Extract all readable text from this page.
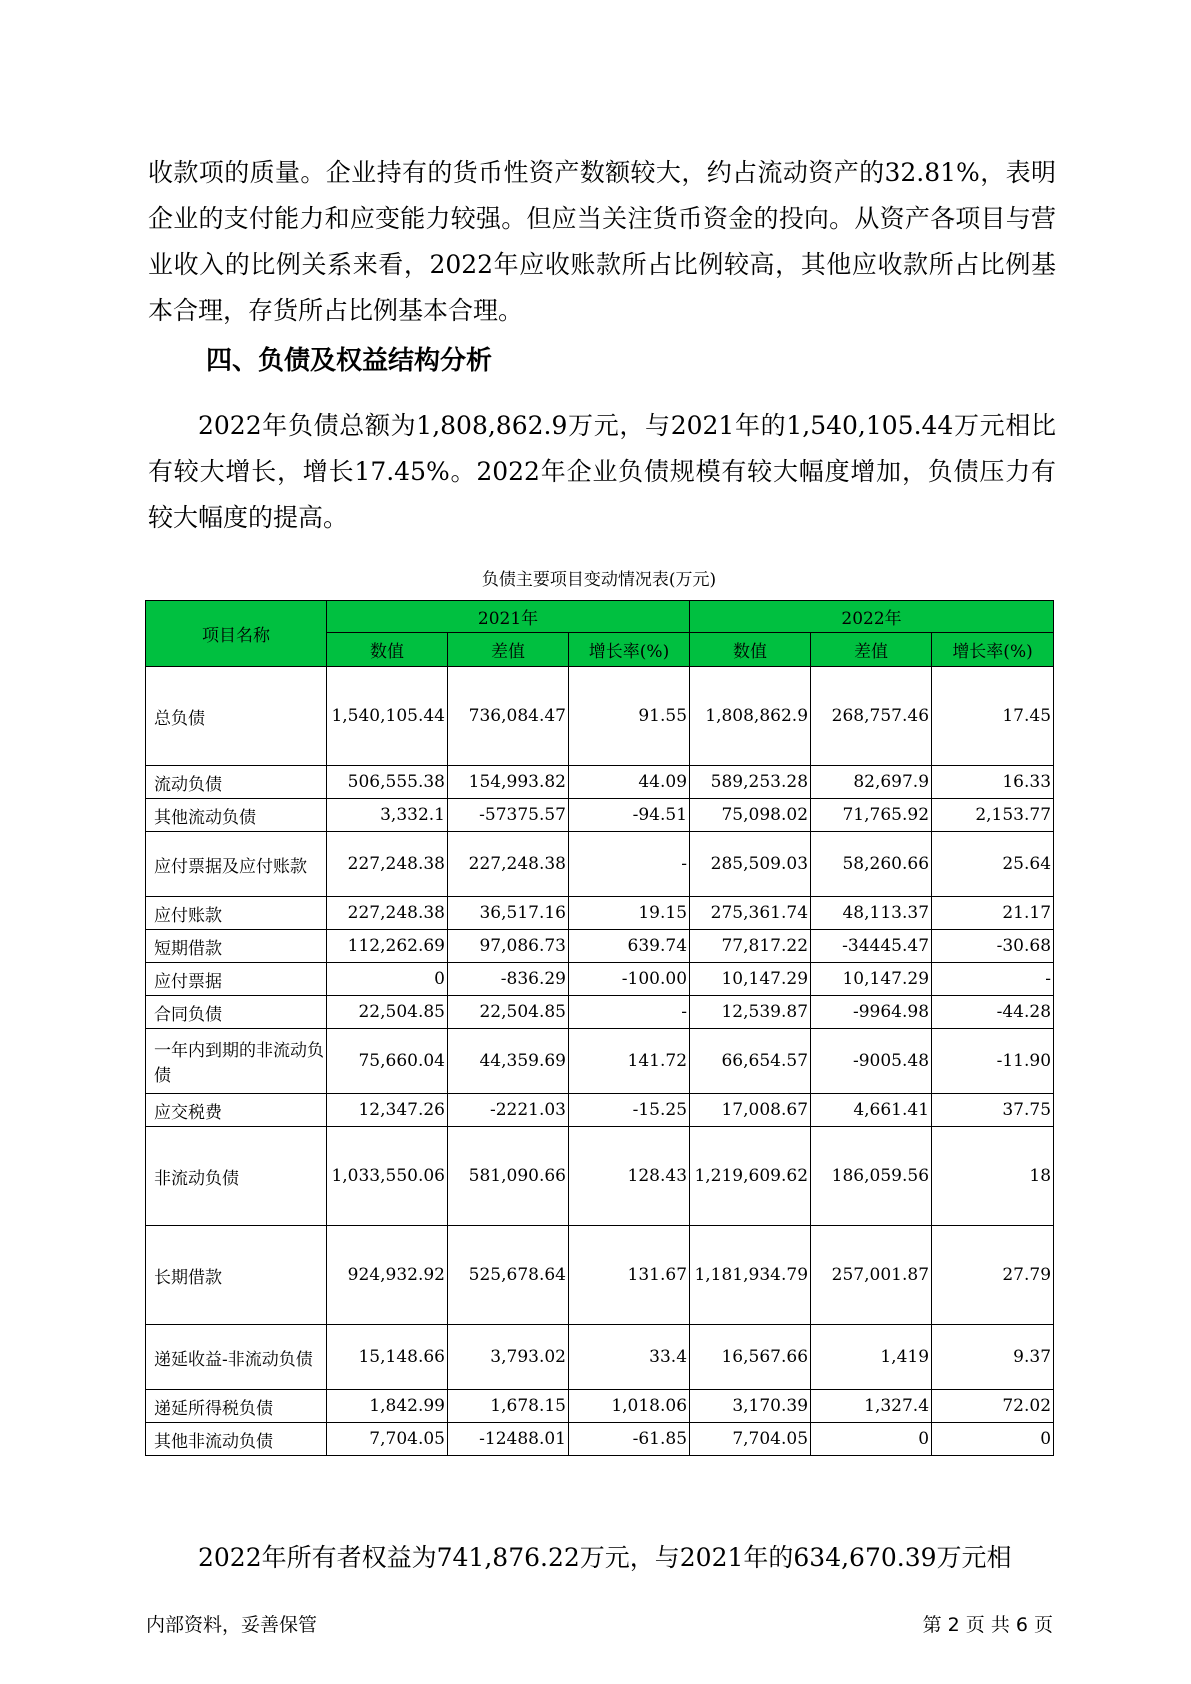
收款项的质量。企业持有的货币性资产数额较大，约占流动资产的32.81%，表明企业的支付能力和应变能力较强。但应当关注货币资金的投向。从资产各项目与营业收入的比例关系来看，2022年应收账款所占比例较高，其他应收款所占比例基本合理，存货所占比例基本合理。

四、负债及权益结构分析

2022年负债总额为1,808,862.9万元，与2021年的1,540,105.44万元相比有较大增长，增长17.45%。2022年企业负债规模有较大幅度增加，负债压力有较大幅度的提高。

负债主要项目变动情况表(万元)
项目名称	2021年			2022年		
	数值	差值	增长率(%)	数值	差值	增长率(%)
总负债	1,540,105.44	736,084.47	91.55	1,808,862.9	268,757.46	17.45
流动负债	506,555.38	154,993.82	44.09	589,253.28	82,697.9	16.33
其他流动负债	3,332.1	-57375.57	-94.51	75,098.02	71,765.92	2,153.77
应付票据及应付账款	227,248.38	227,248.38	-	285,509.03	58,260.66	25.64
应付账款	227,248.38	36,517.16	19.15	275,361.74	48,113.37	21.17
短期借款	112,262.69	97,086.73	639.74	77,817.22	-34445.47	-30.68
应付票据	0	-836.29	-100.00	10,147.29	10,147.29	-
合同负债	22,504.85	22,504.85	-	12,539.87	-9964.98	-44.28
一年内到期的非流动负债	75,660.04	44,359.69	141.72	66,654.57	-9005.48	-11.90
应交税费	12,347.26	-2221.03	-15.25	17,008.67	4,661.41	37.75
非流动负债	1,033,550.06	581,090.66	128.43	1,219,609.62	186,059.56	18
长期借款	924,932.92	525,678.64	131.67	1,181,934.79	257,001.87	27.79
递延收益-非流动负债	15,148.66	3,793.02	33.4	16,567.66	1,419	9.37
递延所得税负债	1,842.99	1,678.15	1,018.06	3,170.39	1,327.4	72.02
其他非流动负债	7,704.05	-12488.01	-61.85	7,704.05	0	0

2022年所有者权益为741,876.22万元，与2021年的634,670.39万元相

内部资料，妥善保管	第 2 页 共 6 页
